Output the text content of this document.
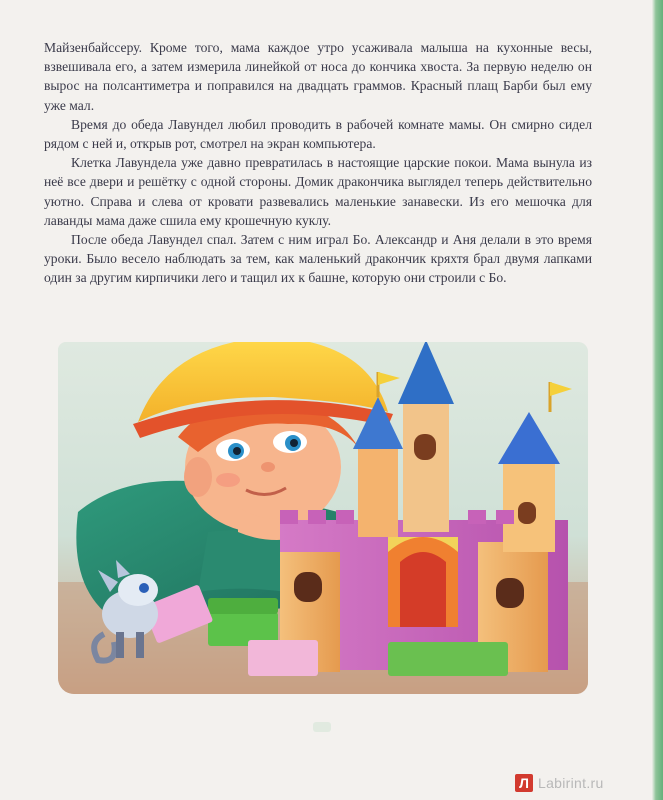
Майзенбайссеру. Кроме того, мама каждое утро усаживала малыша на кухонные весы, взвешивала его, а затем измерила линейкой от носа до кончика хвоста. За первую неделю он вырос на полсантиметра и поправился на двадцать граммов. Красный плащ Барби был ему уже мал.

Время до обеда Лавундел любил проводить в рабочей комнате мамы. Он смирно сидел рядом с ней и, открыв рот, смотрел на экран компьютера.

Клетка Лавундела уже давно превратилась в настоящие царские покои. Мама вынула из неё все двери и решётку с одной стороны. Домик дракончика выглядел теперь действительно уютно. Справа и слева от кровати развевались маленькие занавески. Из его мешочка для лаванды мама даже сшила ему крошечную куклу.

После обеда Лавундел спал. Затем с ним играл Бо. Александр и Аня делали в это время уроки. Было весело наблюдать за тем, как маленький дракончик кряхтя брал двумя лапками один за другим кирпичики лего и тащил их к башне, которую они строили с Бо.

Л Labirint.ru
